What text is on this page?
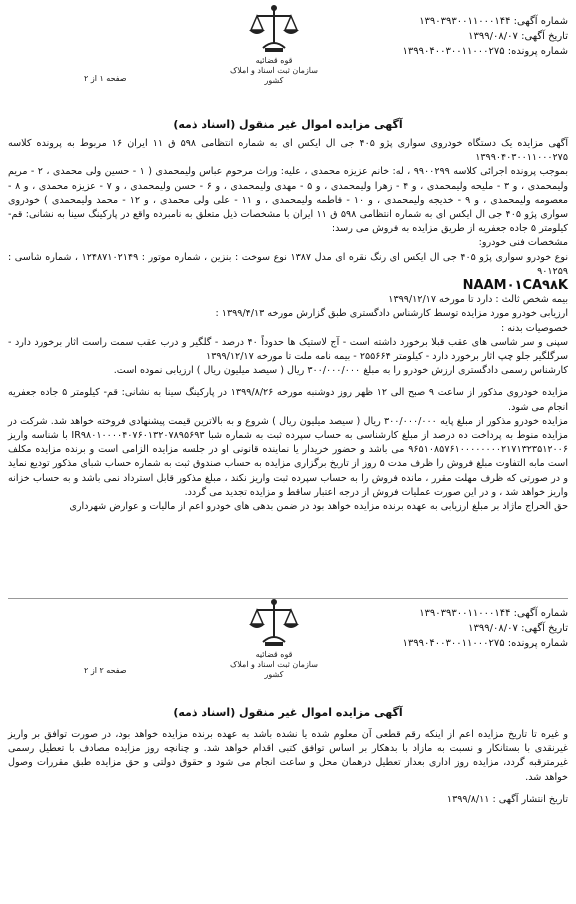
شماره آگهی: ۱۳۹۰۳۹۳۰۰۱۱۰۰۰۱۴۴
تاریخ آگهی: ۱۳۹۹/۰۸/۰۷
شماره پرونده: ۱۳۹۹۰۴۰۰۳۰۰۱۱۰۰۰۲۷۵
قوه قضائیه
سازمان ثبت اسناد و املاک کشور
صفحه ۱ از ۲
آگهی مزایده اموال غیر منقول (اسناد ذمه)

آگهی مزایده یک دستگاه خودروی سواری پژو ۴۰۵ جی ال ایکس ای به شماره انتظامی ۵۹۸ ق ۱۱ ایران ۱۶ مربوط به پرونده کلاسه ۱۳۹۹۰۴۰۳۰۰۱۱۰۰۰۲۷۵

بموجب پرونده اجرائی کلاسه ۹۹۰۰۲۹۹ ، له: خانم عزیزه محمدی ، علیه: وراث مرحوم عباس ولیمحمدی ( ۱ - حسین ولی محمدی ، ۲ - مریم ولیمحمدی ، و ۳ - ملیحه ولیمحمدی ، و ۴ - زهرا ولیمحمدی ، و ۵ - مهدی ولیمحمدی ، و ۶ - حسن ولیمحمدی ، و ۷ - عزیزه محمدی ، و ۸ - معصومه ولیمحمدی ، و ۹ - خدیجه ولیمحمدی ، و ۱۰ - فاطمه ولیمحمدی ، و ۱۱ - علی ولی محمدی ، و ۱۲ - محمد ولیمحمدی ) خودروی سواری پژو ۴۰۵ جی ال ایکس ای به شماره انتظامی ۵۹۸ ق ۱۱ ایران با مشخصات ذیل متعلق به نامبرده واقع در پارکینگ سینا به نشانی: قم- کیلومتر ۵ جاده جعفریه از طریق مزایده به فروش می رسد:

مشخصات فنی خودرو:

نوع خودرو سواری پژو ۴۰۵ جی ال ایکس ای رنگ نقره ای مدل ۱۳۸۷ نوع سوخت : بنزین ، شماره موتور : ۱۲۴۸۷۱۰۲۱۴۹ ، شماره شاسی : ۹۰۱۲۵۹

NAAM۰۱CA۹۸K

بیمه شخص ثالث : دارد تا مورخه ۱۳۹۹/۱۲/۱۷

ارزیابی خودرو مورد مزایده توسط کارشناس دادگستری طبق گزارش مورخه ۱۳۹۹/۴/۱۳ :

خصوصیات بدنه :

سپنی و سر شاسی های عقب قبلا برخورد داشته است - آج لاستیک ها حدوداً ۴۰ درصد - گلگیر و درب عقب سمت راست اثار برخورد دارد - سرگلگیر جلو چپ اثار برخورد دارد - کیلومتر ۲۵۵۶۶۴ - بیمه نامه ملت تا مورخه ۱۳۹۹/۱۲/۱۷

کارشناس رسمی دادگستری ارزش خودرو را به مبلغ ۳۰۰/۰۰۰/۰۰۰ ریال ( سیصد میلیون ریال ) ارزیابی نموده است.

مزایده خودروی مذکور از ساعت ۹ صبح الی ۱۲ ظهر روز دوشنبه مورخه ۱۳۹۹/۸/۲۶ در پارکینگ سینا به نشانی: قم- کیلومتر ۵ جاده جعفریه انجام می شود.

مزایده خودرو مذکور از مبلغ پایه ۳۰۰/۰۰۰/۰۰۰ ریال ( سیصد میلیون ریال ) شروع و به بالاترین قیمت پیشنهادی فروخته خواهد شد. شرکت در مزایده منوط به پرداخت ده درصد از مبلغ کارشناسی به حساب سپرده ثبت به شماره شبا IR۹۸۰۱۰۰۰۰۴۰۷۶۰۱۳۲۰۷۸۹۵۶۹۳ با شناسه واریز ۹۶۵۱۰۸۵۷۶۱۰۰۰۰۰۰۰۰۲۱۷۱۳۲۳۵۱۲۰۰۶ می باشد و حضور خریدار یا نماینده قانونی او در جلسه مزایده الزامی است و برنده مزایده مکلف است مابه التفاوت مبلغ فروش را ظرف مدت ۵ روز از تاریخ برگزاری مزایده به حساب صندوق ثبت به شماره حساب شبای مذکور تودیع نماید و در صورتی که ظرف مهلت مقرر ، مانده فروش را به حساب سپرده ثبت واریز نکند ، مبلغ مذکور قابل استرداد نمی باشد و به حساب خزانه واریز خواهد شد ، و در این صورت عملیات فروش از درجه اعتبار ساقط و مزایده تجدید می گردد.

حق الحراج ماژاد بر مبلغ ارزیابی به عهده برنده مزایده خواهد بود در ضمن بدهی های خودرو اعم از مالیات و عوارض شهرداری

شماره آگهی: ۱۳۹۰۳۹۳۰۰۱۱۰۰۰۱۴۴
تاریخ آگهی: ۱۳۹۹/۰۸/۰۷
شماره پرونده: ۱۳۹۹۰۴۰۰۳۰۰۱۱۰۰۰۲۷۵
قوه قضائیه
سازمان ثبت اسناد و املاک کشور
صفحه ۲ از ۲
آگهی مزایده اموال غیر منقول (اسناد ذمه)

و غیره تا تاریخ مزایده اعم از اینکه رقم قطعی آن معلوم شده یا نشده باشد به عهده برنده مزایده خواهد بود، در صورت توافق بر واریز غیرنقدی با بستانکار و نسبت به مازاد با بدهکار بر اساس توافق کتبی اقدام خواهد شد. و چنانچه روز مزایده مصادف با تعطیل رسمی غیرمترقبه گردد، مزایده روز اداری بعداز تعطیل درهمان محل و ساعت انجام می شود و حقوق دولتی و حق مزایده طبق مقررات وصول خواهد شد.

تاریخ انتشار آگهی : ۱۳۹۹/۸/۱۱
